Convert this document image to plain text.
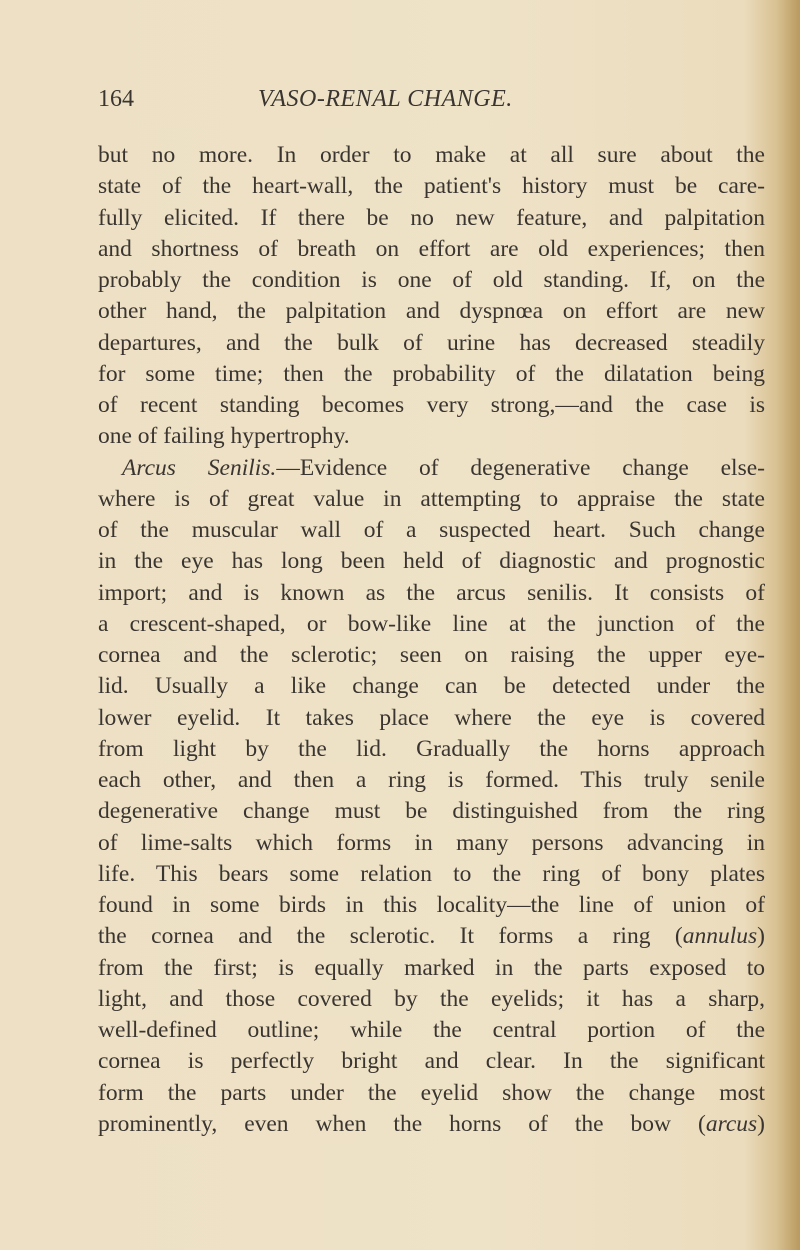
164	VASO-RENAL CHANGE.
but no more. In order to make at all sure about the
state of the heart-wall, the patient's history must be care-
fully elicited. If there be no new feature, and palpitation
and shortness of breath on effort are old experiences; then
probably the condition is one of old standing. If, on the
other hand, the palpitation and dyspnœa on effort are new
departures, and the bulk of urine has decreased steadily
for some time; then the probability of the dilatation being
of recent standing becomes very strong,—and the case is
one of failing hypertrophy.
Arcus Senilis.—Evidence of degenerative change else-
where is of great value in attempting to appraise the state
of the muscular wall of a suspected heart. Such change
in the eye has long been held of diagnostic and prognostic
import; and is known as the arcus senilis. It consists of
a crescent-shaped, or bow-like line at the junction of the
cornea and the sclerotic; seen on raising the upper eye-
lid. Usually a like change can be detected under the
lower eyelid. It takes place where the eye is covered
from light by the lid. Gradually the horns approach
each other, and then a ring is formed. This truly senile
degenerative change must be distinguished from the ring
of lime-salts which forms in many persons advancing in
life. This bears some relation to the ring of bony plates
found in some birds in this locality—the line of union of
the cornea and the sclerotic. It forms a ring (annulus)
from the first; is equally marked in the parts exposed to
light, and those covered by the eyelids; it has a sharp,
well-defined outline; while the central portion of the
cornea is perfectly bright and clear. In the significant
form the parts under the eyelid show the change most
prominently, even when the horns of the bow (arcus)
